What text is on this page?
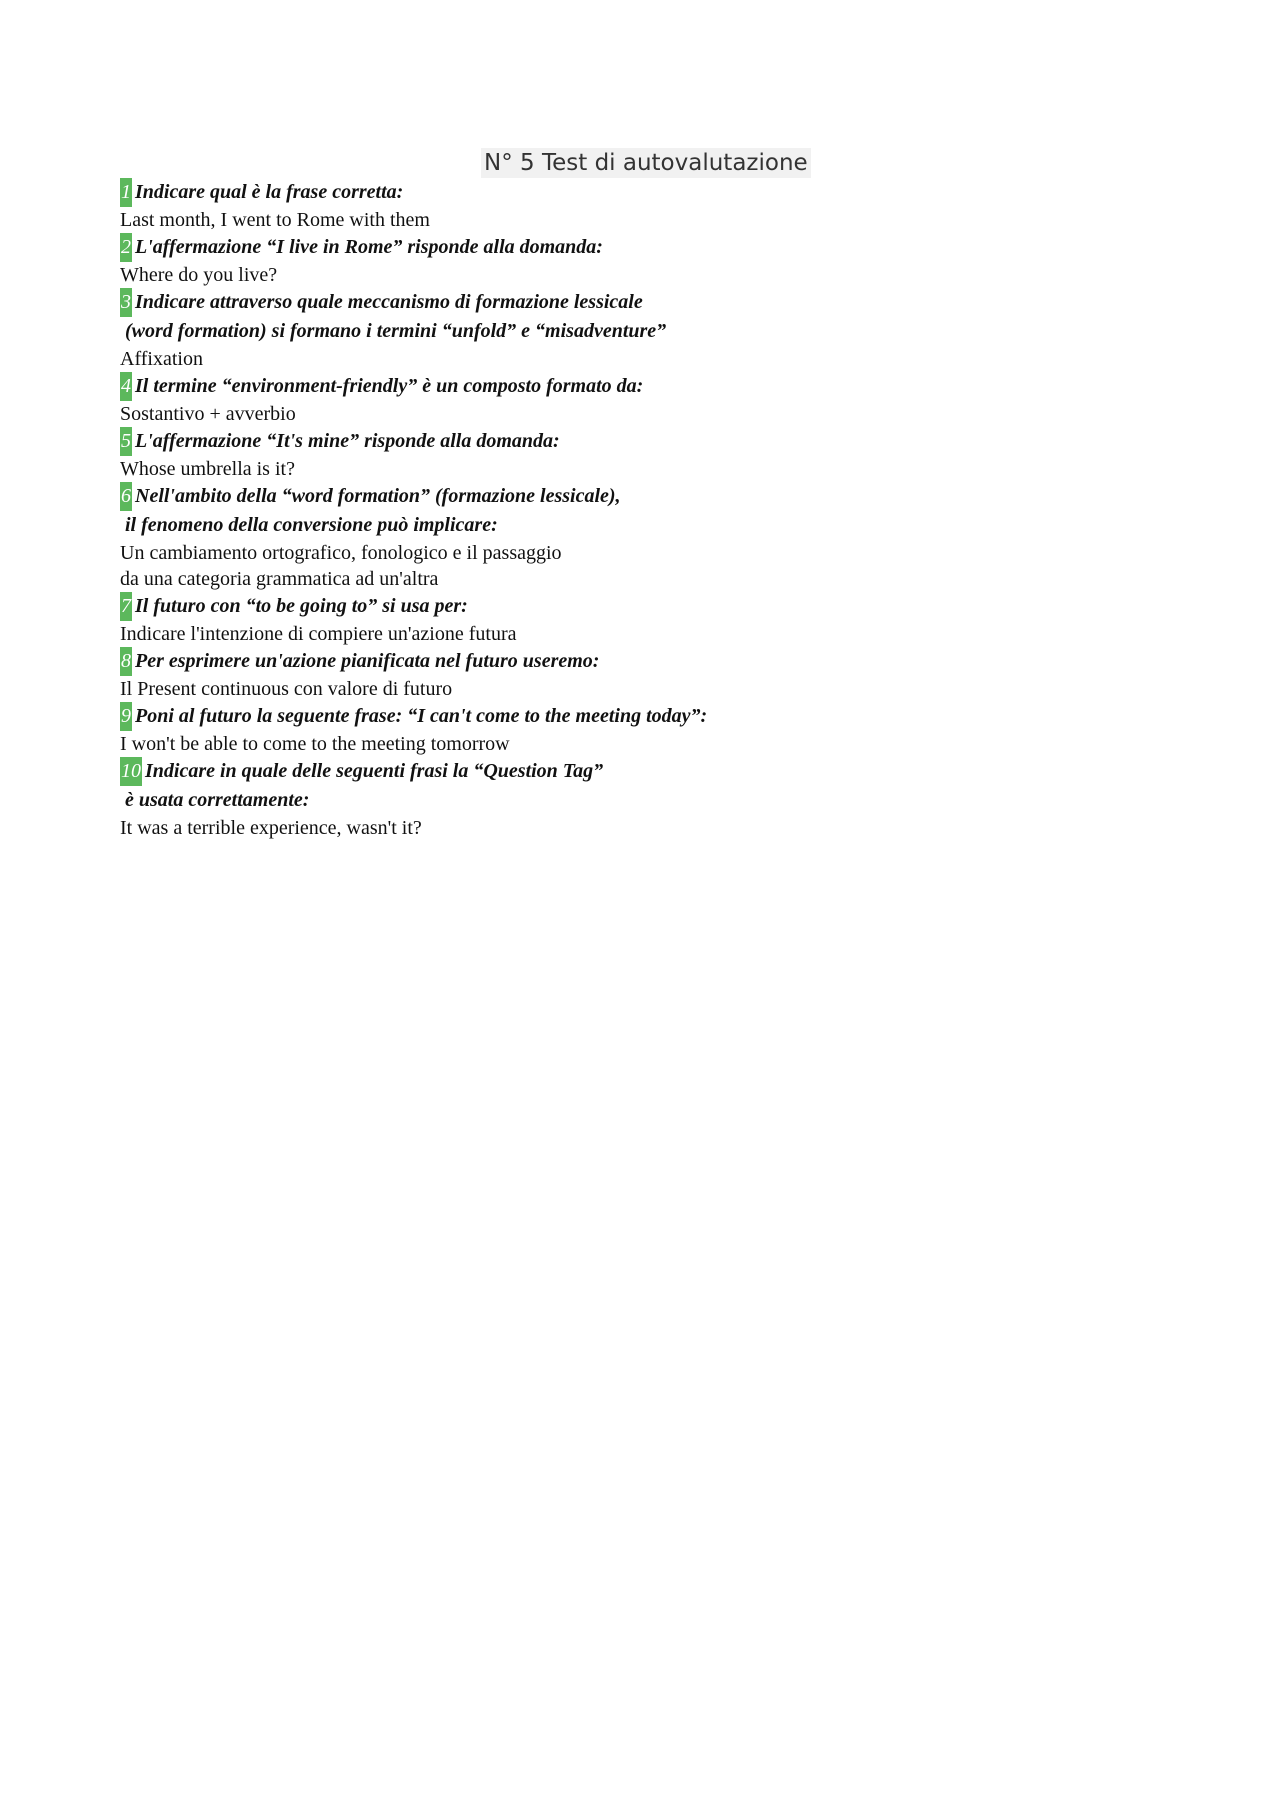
N° 5 Test di autovalutazione
1 Indicare qual è la frase corretta:
Last month, I went to Rome with them
2 L'affermazione “I live in Rome” risponde alla domanda:
Where do you live?
3 Indicare attraverso quale meccanismo di formazione lessicale
(word formation) si formano i termini “unfold” e “misadventure”
Affixation
4 Il termine “environment-friendly” è un composto formato da:
Sostantivo + avverbio
5 L'affermazione “It's mine” risponde alla domanda:
Whose umbrella is it?
6 Nell'ambito della “word formation” (formazione lessicale),
il fenomeno della conversione può implicare:
Un cambiamento ortografico, fonologico e il passaggio
da una categoria grammatica ad un'altra
7 Il futuro con “to be going to” si usa per:
Indicare l'intenzione di compiere un'azione futura
8 Per esprimere un'azione pianificata nel futuro useremo:
Il Present continuous con valore di futuro
9 Poni al futuro la seguente frase: “I can't come to the meeting today”:
I won't be able to come to the meeting tomorrow
10 Indicare in quale delle seguenti frasi la “Question Tag”
è usata correttamente:
It was a terrible experience, wasn't it?
